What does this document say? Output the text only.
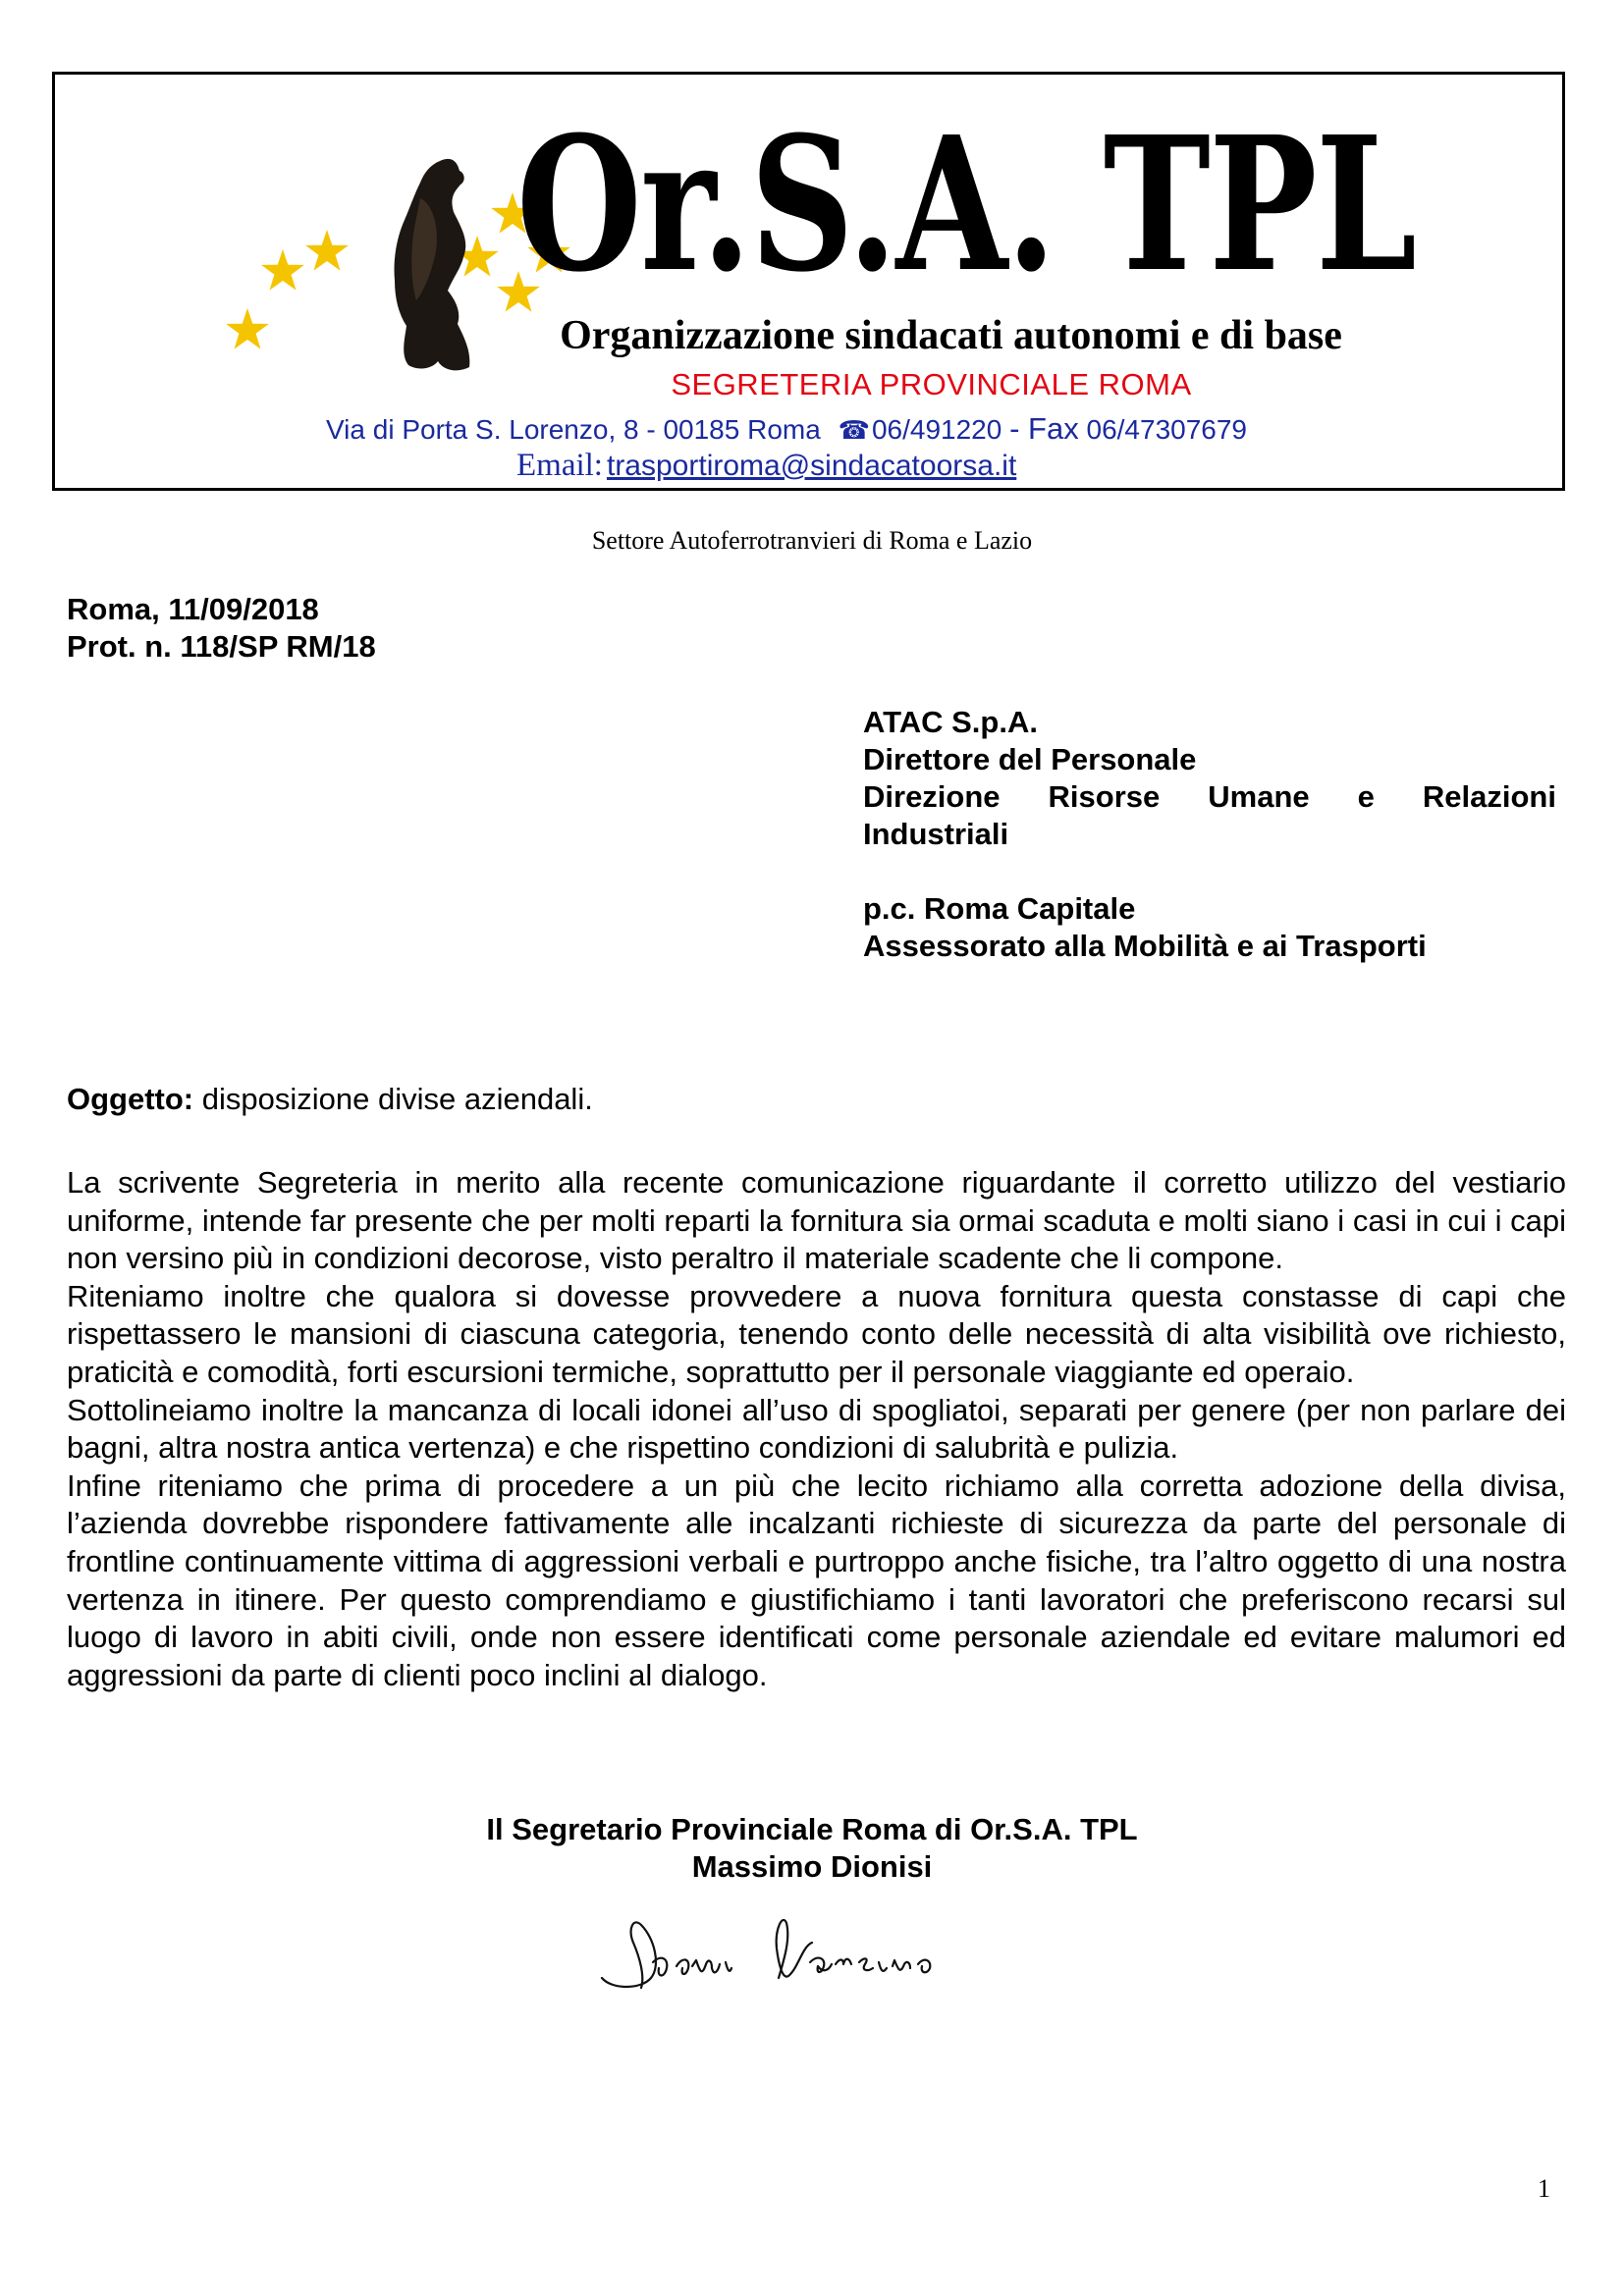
Or.S.A. TPL
Organizzazione sindacati autonomi e di base
SEGRETERIA PROVINCIALE ROMA
Via di Porta S. Lorenzo, 8 - 00185 Roma ☎06/491220 - Fax 06/47307679
Email: trasportiroma@sindacatoorsa.it
Settore Autoferrotranvieri di Roma e Lazio
Roma, 11/09/2018
Prot. n. 118/SP RM/18
ATAC S.p.A.
Direttore del Personale
Direzione Risorse Umane e Relazioni
Industriali
p.c. Roma Capitale
Assessorato alla Mobilità e ai Trasporti
Oggetto: disposizione divise aziendali.

La scrivente Segreteria in merito alla recente comunicazione riguardante il corretto utilizzo del vestiario uniforme, intende far presente che per molti reparti la fornitura sia ormai scaduta e molti siano i casi in cui i capi non versino più in condizioni decorose, visto peraltro il materiale scadente che li compone.

Riteniamo inoltre che qualora si dovesse provvedere a nuova fornitura questa constasse di capi che rispettassero le mansioni di ciascuna categoria, tenendo conto delle necessità di alta visibilità ove richiesto, praticità e comodità, forti escursioni termiche, soprattutto per il personale viaggiante ed operaio.

Sottolineiamo inoltre la mancanza di locali idonei all’uso di spogliatoi, separati per genere (per non parlare dei bagni, altra nostra antica vertenza) e che rispettino condizioni di salubrità e pulizia.

Infine riteniamo che prima di procedere a un più che lecito richiamo alla corretta adozione della divisa, l’azienda dovrebbe rispondere fattivamente alle incalzanti richieste di sicurezza da parte del personale di frontline continuamente vittima di aggressioni verbali e purtroppo anche fisiche, tra l’altro oggetto di una nostra vertenza in itinere. Per questo comprendiamo e giustifichiamo i tanti lavoratori che preferiscono recarsi sul luogo di lavoro in abiti civili, onde non essere identificati come personale aziendale ed evitare malumori ed aggressioni da parte di clienti poco inclini al dialogo.

Il Segretario Provinciale Roma di Or.S.A. TPL
Massimo Dionisi
1
